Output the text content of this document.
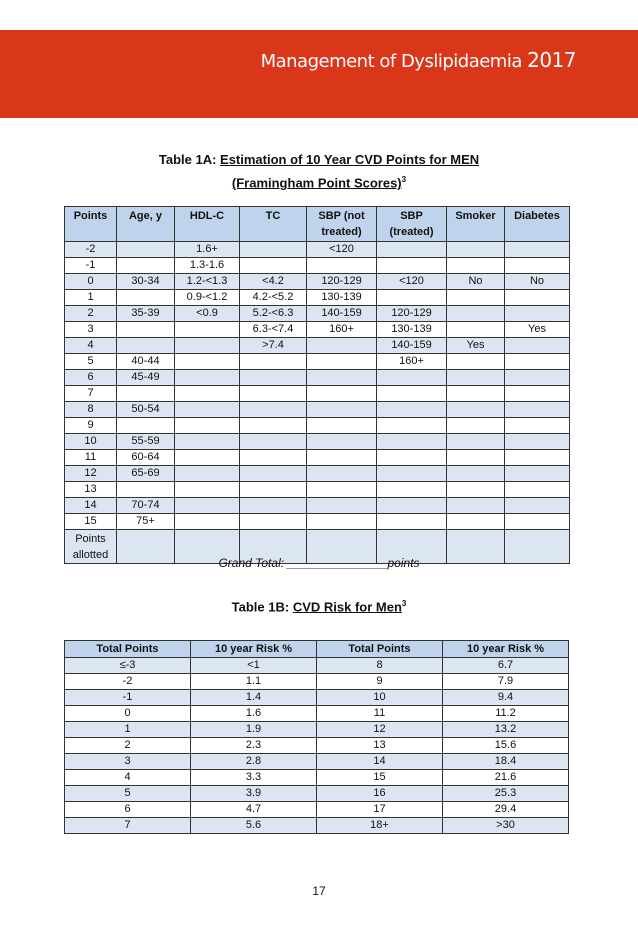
Management of Dyslipidaemia 2017
Table 1A: Estimation of 10 Year CVD Points for MEN
(Framingham Point Scores)$^3$
Points	Age, y	HDL-C	TC	SBP (not treated)	SBP (treated)	Smoker	Diabetes
-2		1.6+		<120			
-1		1.3-1.6					
0	30-34	1.2-<1.3	<4.2	120-129	<120	No	No
1		0.9-<1.2	4.2-<5.2	130-139			
2	35-39	<0.9	5.2-<6.3	140-159	120-129		
3			6.3-<7.4	160+	130-139		Yes
4			>7.4		140-159	Yes	
5	40-44				160+		
6	45-49						
7							
8	50-54						
9							
10	55-59						
11	60-64						
12	65-69						
13							
14	70-74						
15	75+						
Points allotted							
Grand Total: _______________points
Table 1B: CVD Risk for Men$^3$
Total Points	10 year Risk %	Total Points	10 year Risk %
≤-3	<1	8	6.7
-2	1.1	9	7.9
-1	1.4	10	9.4
0	1.6	11	11.2
1	1.9	12	13.2
2	2.3	13	15.6
3	2.8	14	18.4
4	3.3	15	21.6
5	3.9	16	25.3
6	4.7	17	29.4
7	5.6	18+	>30
17
